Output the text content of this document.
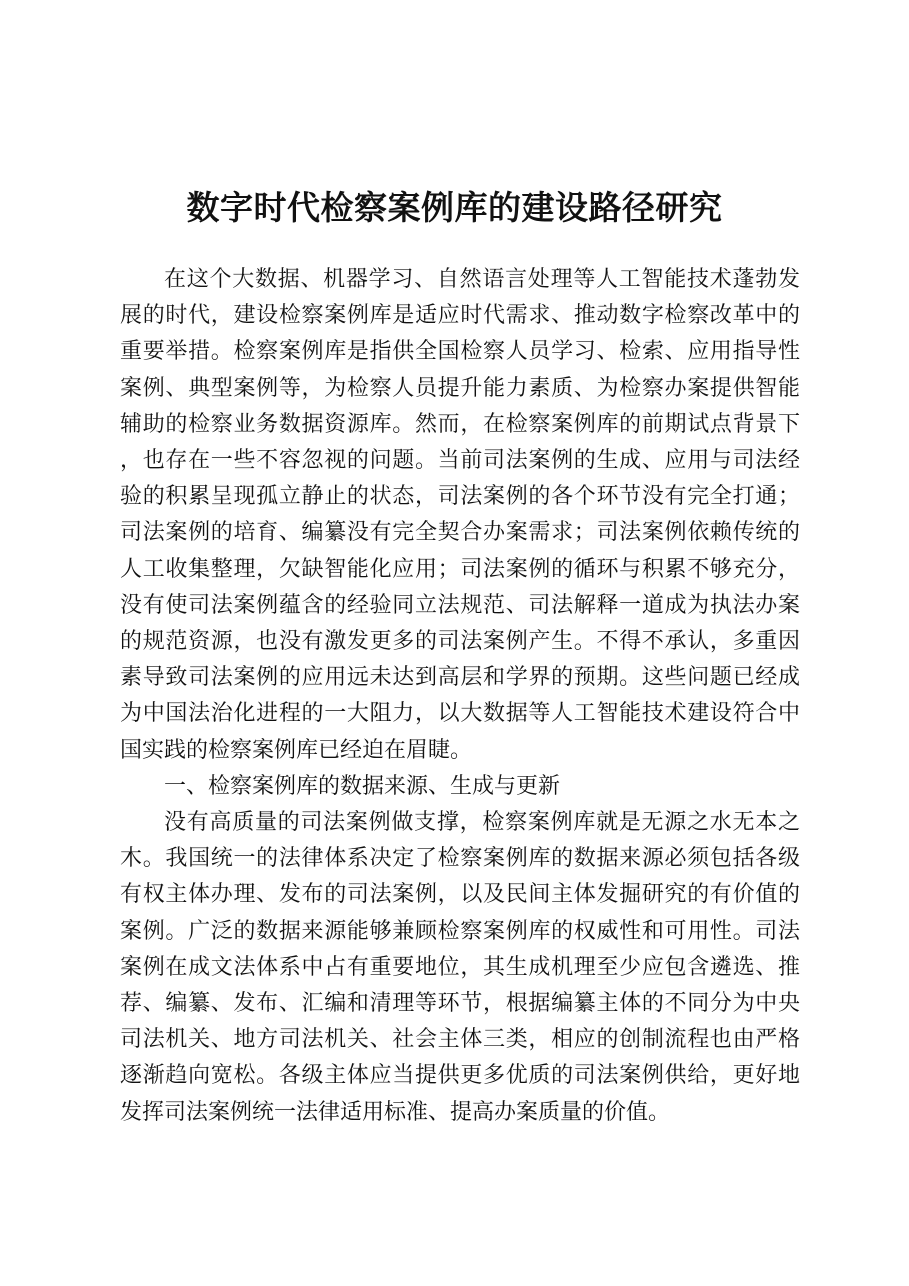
数字时代检察案例库的建设路径研究

在这个大数据、机器学习、自然语言处理等人工智能技术蓬勃发展的时代，建设检察案例库是适应时代需求、推动数字检察改革中的重要举措。检察案例库是指供全国检察人员学习、检索、应用指导性案例、典型案例等，为检察人员提升能力素质、为检察办案提供智能辅助的检察业务数据资源库。然而，在检察案例库的前期试点背景下，也存在一些不容忽视的问题。当前司法案例的生成、应用与司法经验的积累呈现孤立静止的状态，司法案例的各个环节没有完全打通；司法案例的培育、编纂没有完全契合办案需求；司法案例依赖传统的人工收集整理，欠缺智能化应用；司法案例的循环与积累不够充分，没有使司法案例蕴含的经验同立法规范、司法解释一道成为执法办案的规范资源，也没有激发更多的司法案例产生。不得不承认，多重因素导致司法案例的应用远未达到高层和学界的预期。这些问题已经成为中国法治化进程的一大阻力，以大数据等人工智能技术建设符合中国实践的检察案例库已经迫在眉睫。

一、检察案例库的数据来源、生成与更新

没有高质量的司法案例做支撑，检察案例库就是无源之水无本之木。我国统一的法律体系决定了检察案例库的数据来源必须包括各级有权主体办理、发布的司法案例，以及民间主体发掘研究的有价值的案例。广泛的数据来源能够兼顾检察案例库的权威性和可用性。司法案例在成文法体系中占有重要地位，其生成机理至少应包含遴选、推荐、编纂、发布、汇编和清理等环节，根据编纂主体的不同分为中央司法机关、地方司法机关、社会主体三类，相应的创制流程也由严格逐渐趋向宽松。各级主体应当提供更多优质的司法案例供给，更好地发挥司法案例统一法律适用标准、提高办案质量的价值。
